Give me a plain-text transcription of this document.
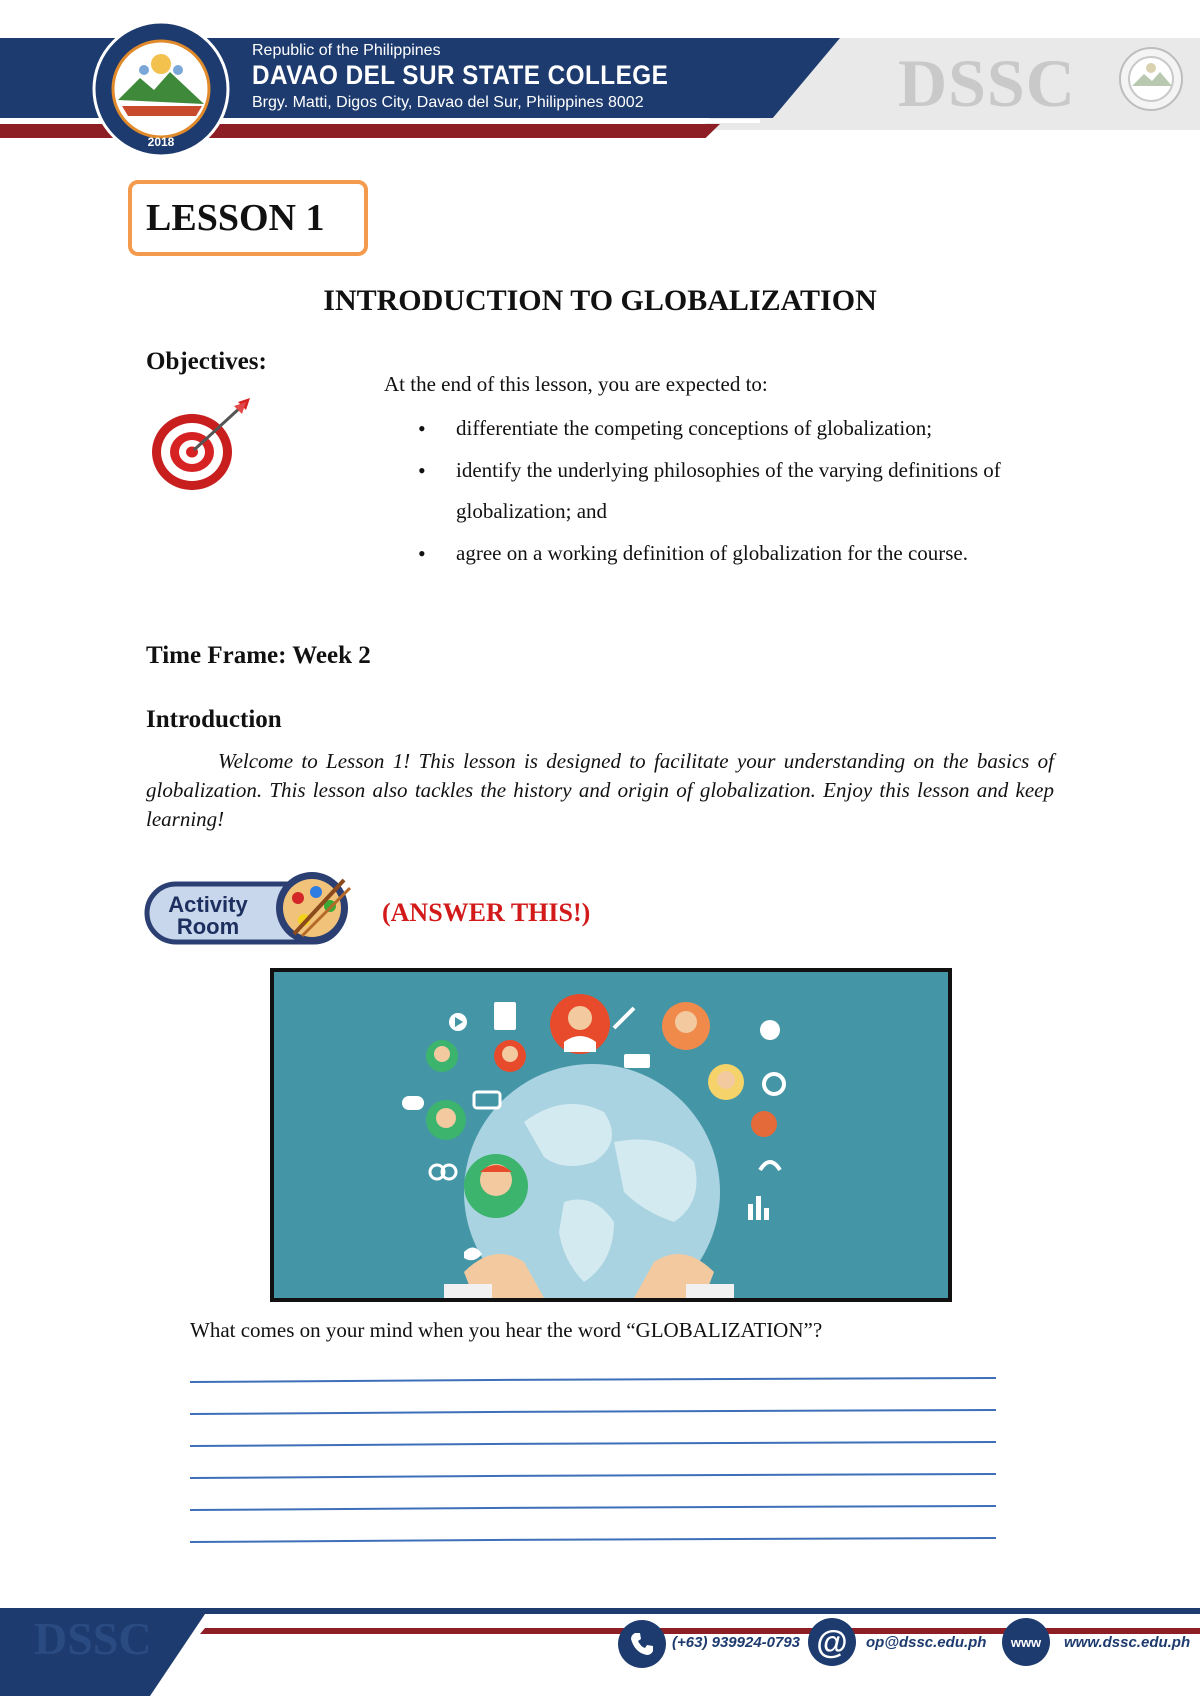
2018
Republic of the Philippines
DAVAO DEL SUR STATE COLLEGE
Brgy. Matti, Digos City, Davao del Sur, Philippines 8002	DSSC
LESSON 1
INTRODUCTION TO GLOBALIZATION
Objectives:
At the end of this lesson, you are expected to:
• differentiate the competing conceptions of globalization;
• identify the underlying philosophies of the varying definitions of globalization; and
• agree on a working definition of globalization for the course.
Time Frame: Week 2
Introduction
Welcome to Lesson 1! This lesson is designed to facilitate your understanding on the basics of globalization. This lesson also tackles the history and origin of globalization. Enjoy this lesson and keep learning!
Activity
Room	(ANSWER THIS!)
What comes on your mind when you hear the word “GLOBALIZATION”?
DSSC	(+63) 939924-0793 @	op@dssc.edu.ph	www	www.dssc.edu.ph
